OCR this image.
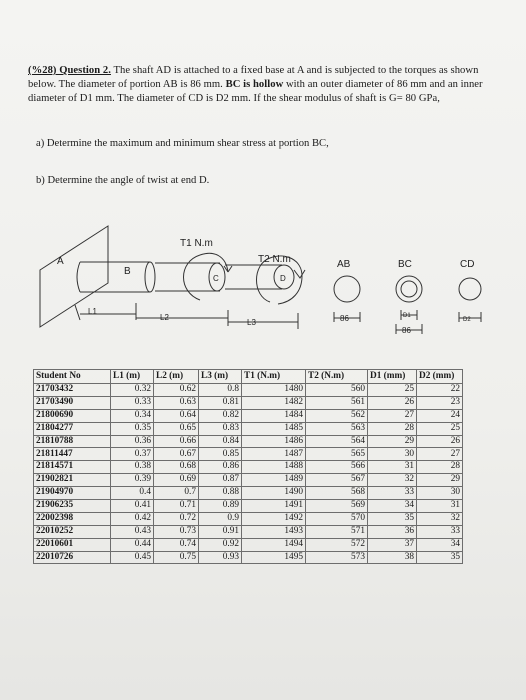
(%28) Question 2. The shaft AD is attached to a fixed base at A and is subjected to the torques as shown below. The diameter of portion AB is 86 mm. BC is hollow with an outer diameter of 86 mm and an inner diameter of D1 mm. The diameter of CD is D2 mm. If the shear modulus of shaft is G= 80 GPa,
a) Determine the maximum and minimum shear stress at portion BC,
b) Determine the angle of twist at end D.
A
B
C	D
T1 N.m
T2 N.m
L1
L2
L3
AB	BC	CD
86	D1
86
D2
Student No	L1 (m)	L2 (m)	L3 (m)	T1 (N.m)	T2 (N.m)	D1 (mm)	D2 (mm)
21703432	0.32	0.62	0.8	1480	560	25	22
21703490	0.33	0.63	0.81	1482	561	26	23
21800690	0.34	0.64	0.82	1484	562	27	24
21804277	0.35	0.65	0.83	1485	563	28	25
21810788	0.36	0.66	0.84	1486	564	29	26
21811447	0.37	0.67	0.85	1487	565	30	27
21814571	0.38	0.68	0.86	1488	566	31	28
21902821	0.39	0.69	0.87	1489	567	32	29
21904970	0.4	0.7	0.88	1490	568	33	30
21906235	0.41	0.71	0.89	1491	569	34	31
22002398	0.42	0.72	0.9	1492	570	35	32
22010252	0.43	0.73	0.91	1493	571	36	33
22010601	0.44	0.74	0.92	1494	572	37	34
22010726	0.45	0.75	0.93	1495	573	38	35
